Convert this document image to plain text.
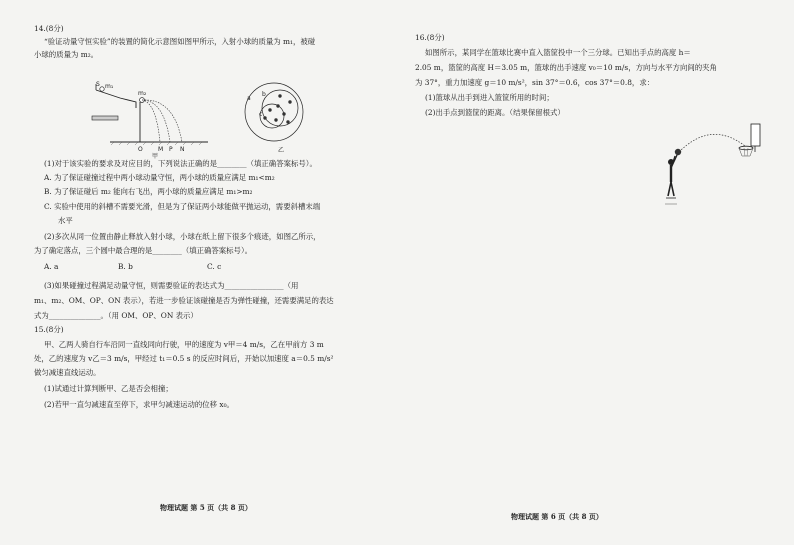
14.(8分)
“验证动量守恒实验”的装置的简化示意图如图甲所示，入射小球的质量为 m₁，被碰
小球的质量为 m₂。
S m₁
m₂
O	M P N
甲
a
b
c
乙
(1)对于该实验的要求及对应目的，下列说法正确的是________（填正确答案标号）。
A. 为了保证碰撞过程中两小球动量守恒，两小球的质量应满足 m₁<m₂
B. 为了保证碰后 m₂ 能向右飞出，两小球的质量应满足 m₁>m₂
C. 实验中使用的斜槽不需要光滑，但是为了保证两小球能做平抛运动，需要斜槽末端
水平
(2)多次从同一位置由静止释放入射小球，小球在纸上留下很多个痕迹，如图乙所示，
为了确定落点，三个圆中最合理的是________（填正确答案标号）。
A. a	B. b	C. c
(3)如果碰撞过程满足动量守恒，则需要验证的表达式为________________（用
m₁、m₂、OM、OP、ON 表示），若进一步验证该碰撞是否为弹性碰撞，还需要满足的表达
式为______________。（用 OM、OP、ON 表示）
15.(8分)
甲、乙两人骑自行车沿同一直线同向行驶，甲的速度为 v甲＝4 m/s，乙在甲前方 3 m
处，乙的速度为 v乙＝3 m/s，甲经过 t₁＝0.5 s 的反应时间后，开始以加速度 a＝0.5 m/s²
做匀减速直线运动。
(1)试通过计算判断甲、乙是否会相撞；
(2)若甲一直匀减速直至停下，求甲匀减速运动的位移 x₀。
物理试题 第 5 页（共 8 页）
16.(8分)
如图所示，某同学在篮球比赛中直入篮筐投中一个三分球。已知出手点的高度 h＝
2.05 m，篮筐的高度 H＝3.05 m，篮球的出手速度 v₀＝10 m/s，方向与水平方向间的夹角
为 37°，重力加速度 g＝10 m/s²，sin 37°＝0.6，cos 37°＝0.8，求：
(1)篮球从出手到进入篮筐所用的时间；
(2)出手点到篮筐的距离。（结果保留根式）
物理试题 第 6 页（共 8 页）
